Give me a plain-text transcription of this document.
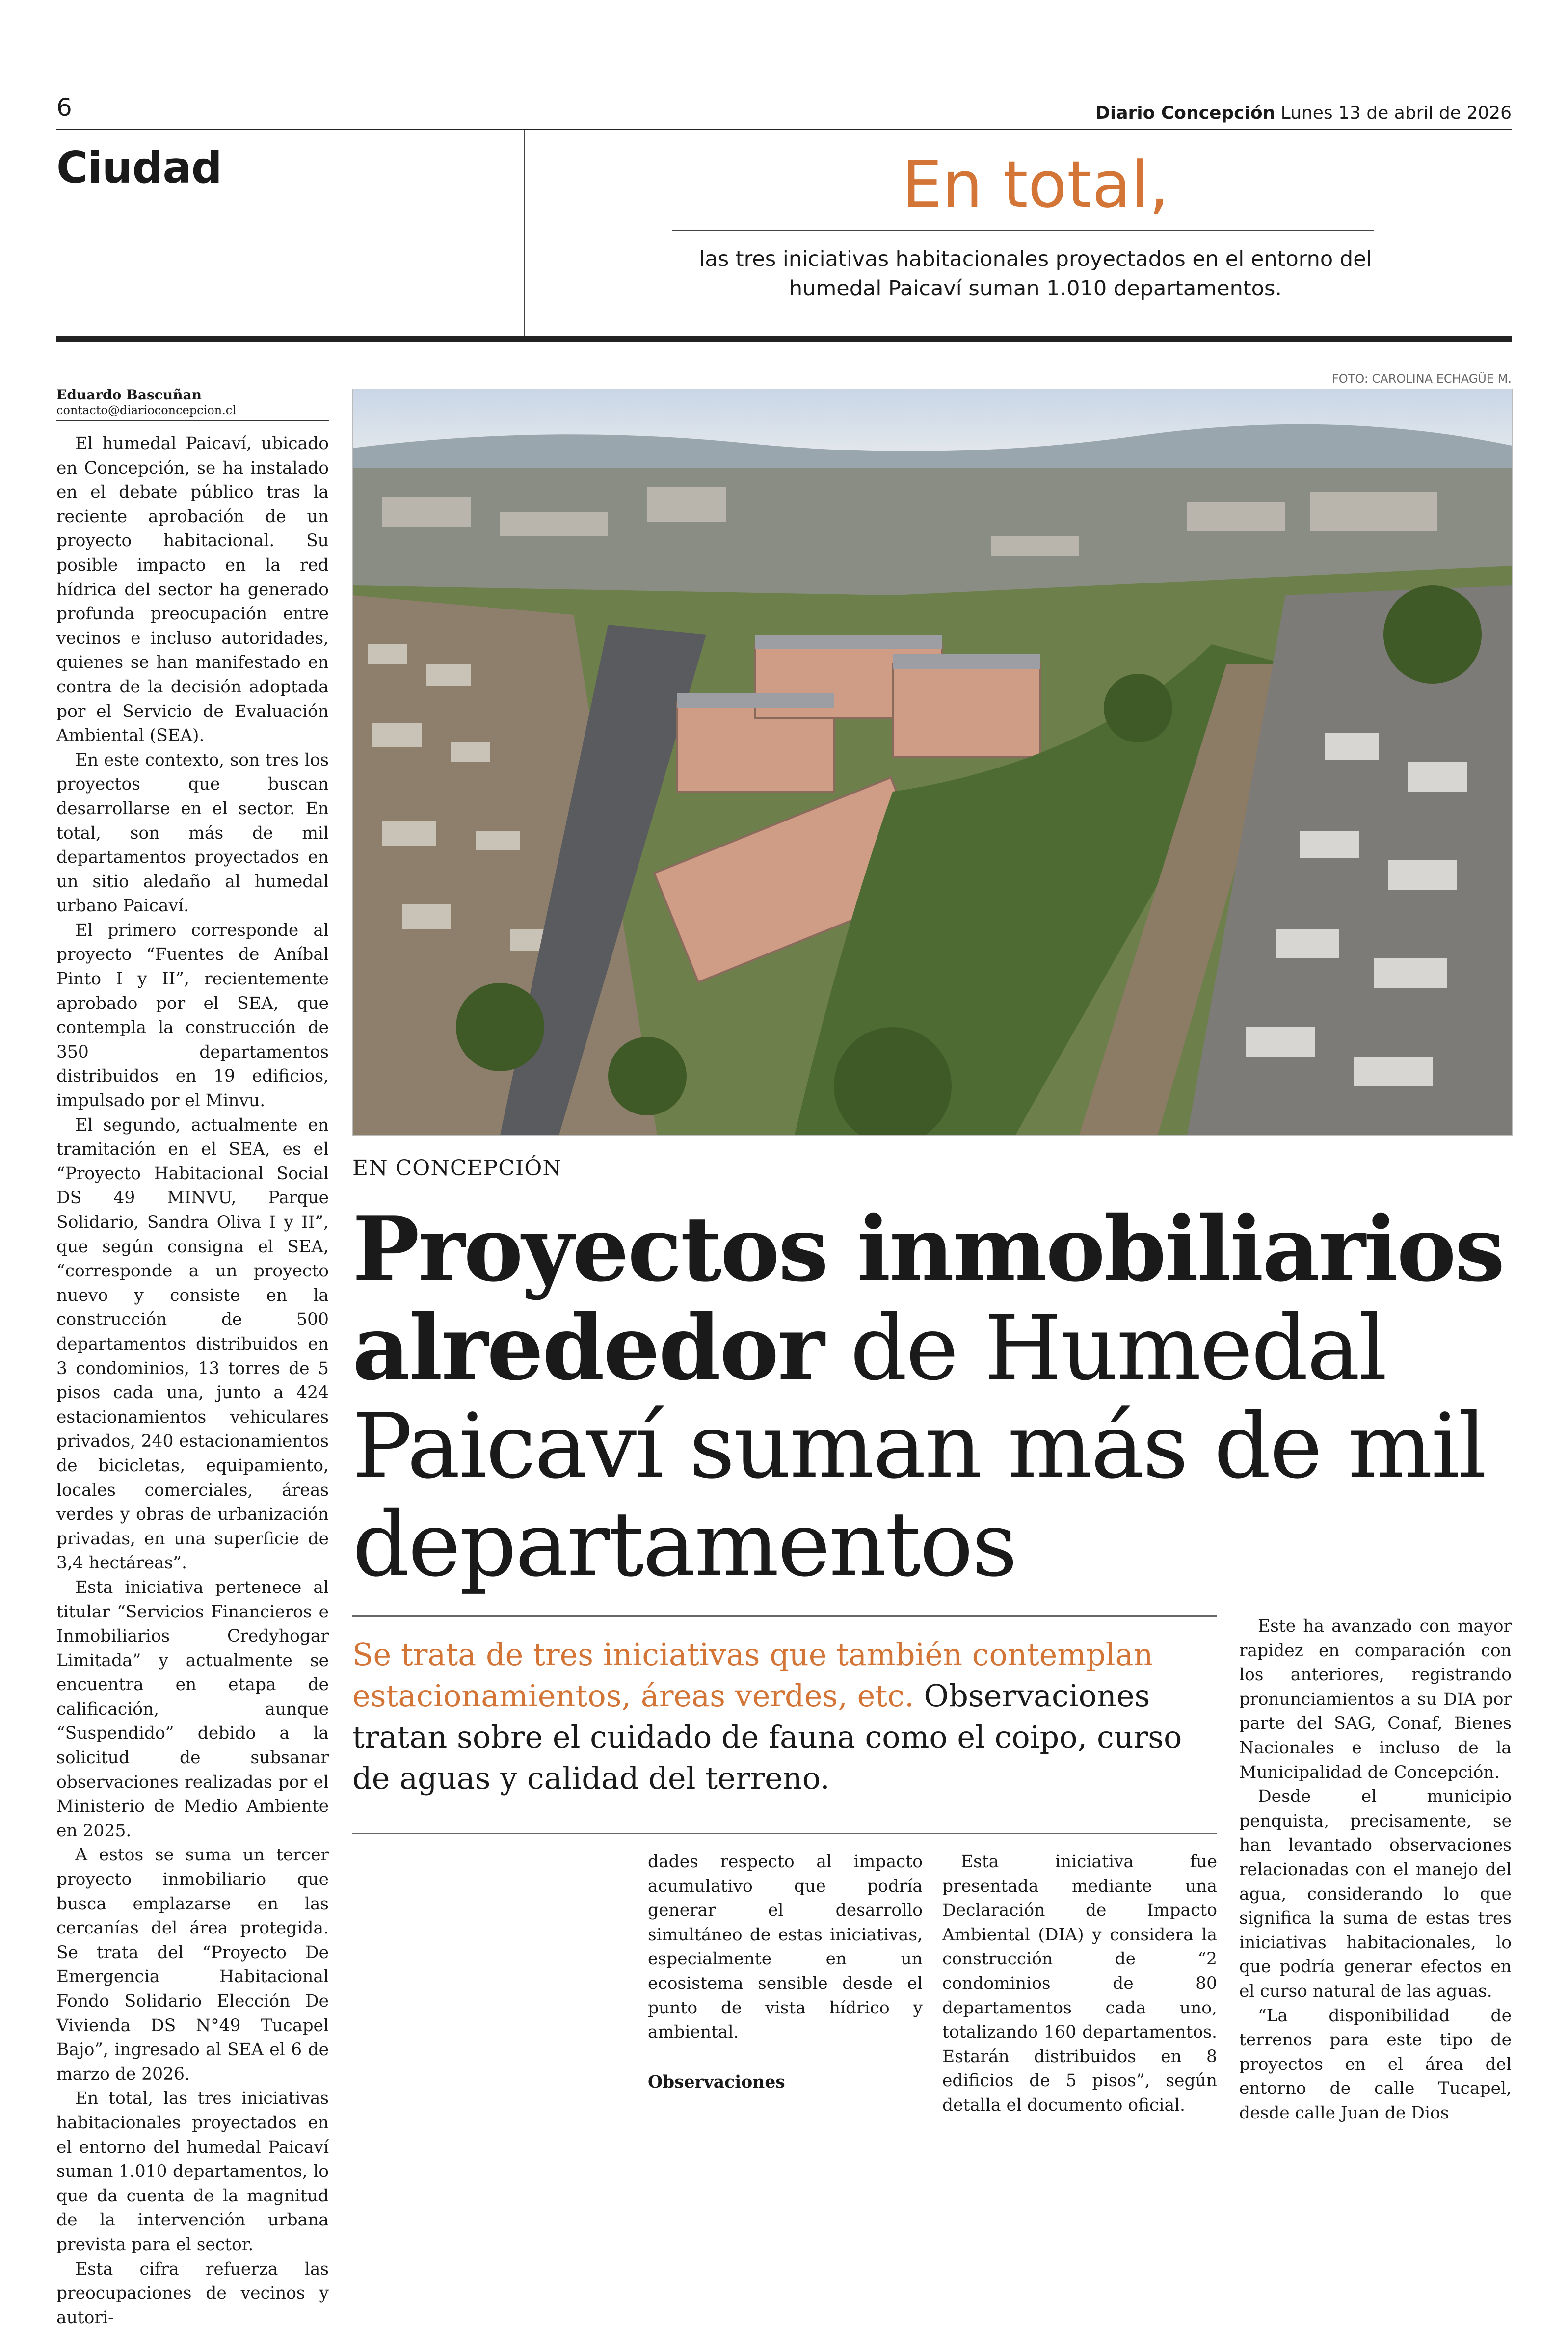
6	Diario Concepción Lunes 13 de abril de 2026
Ciudad	En total,
las tres iniciativas habitacionales proyectados en el entorno del humedal Paicaví suman 1.010 departamentos.
Eduardo Bascuñan
contacto@diarioconcepcion.cl
FOTO: CAROLINA ECHAGÜE M.
EN CONCEPCIÓN
Proyectos inmobiliarios alrededor de Humedal Paicaví suman más de mil departamentos
Se trata de tres iniciativas que también contemplan estacionamientos, áreas verdes, etc. Observaciones tratan sobre el cuidado de fauna como el coipo, curso de aguas y calidad del terreno.

El humedal Paicaví, ubicado en Concepción, se ha instalado en el debate público tras la reciente aprobación de un proyecto habitacional. Su posible impacto en la red hídrica del sector ha generado profunda preocupación entre vecinos e incluso autoridades, quienes se han manifestado en contra de la decisión adoptada por el Servicio de Evaluación Ambiental (SEA).

En este contexto, son tres los proyectos que buscan desarrollarse en el sector. En total, son más de mil departamentos proyectados en un sitio aledaño al humedal urbano Paicaví.

El primero corresponde al proyecto “Fuentes de Aníbal Pinto I y II”, recientemente aprobado por el SEA, que contempla la construcción de 350 departamentos distribuidos en 19 edificios, impulsado por el Minvu.

El segundo, actualmente en tramitación en el SEA, es el “Proyecto Habitacional Social DS 49 MINVU, Parque Solidario, Sandra Oliva I y II”, que según consigna el SEA, “corresponde a un proyecto nuevo y consiste en la construcción de 500 departamentos distribuidos en 3 condominios, 13 torres de 5 pisos cada una, junto a 424 estacionamientos vehiculares privados, 240 estacionamientos de bicicletas, equipamiento, locales comerciales, áreas verdes y obras de urbanización privadas, en una superficie de 3,4 hectáreas”.

Esta iniciativa pertenece al titular “Servicios Financieros e Inmobiliarios Credyhogar Limitada” y actualmente se encuentra en etapa de calificación, aunque “Suspendido” debido a la solicitud de subsanar observaciones realizadas por el Ministerio de Medio Ambiente en 2025.

A estos se suma un tercer proyecto inmobiliario que busca emplazarse en las cercanías del área protegida. Se trata del “Proyecto De Emergencia Habitacional Fondo Solidario Elección De Vivienda DS N°49 Tucapel Bajo”, ingresado al SEA el 6 de marzo de 2026.

En total, las tres iniciativas habitacionales proyectados en el entorno del humedal Paicaví suman 1.010 departamentos, lo que da cuenta de la magnitud de la intervención urbana prevista para el sector.

Esta cifra refuerza las preocupaciones de vecinos y autori-

dades respecto al impacto acumulativo que podría generar el desarrollo simultáneo de estas iniciativas, especialmente en un ecosistema sensible desde el punto de vista hídrico y ambiental.

Observaciones

Esta iniciativa fue presentada mediante una Declaración de Impacto Ambiental (DIA) y considera la construcción de “2 condominios de 80 departamentos cada uno, totalizando 160 departamentos. Estarán distribuidos en 8 edificios de 5 pisos”, según detalla el documento oficial.

Este ha avanzado con mayor rapidez en comparación con los anteriores, registrando pronunciamientos a su DIA por parte del SAG, Conaf, Bienes Nacionales e incluso de la Municipalidad de Concepción.

Desde el municipio penquista, precisamente, se han levantado observaciones relacionadas con el manejo del agua, considerando lo que significa la suma de estas tres iniciativas habitacionales, lo que podría generar efectos en el curso natural de las aguas.

“La disponibilidad de terrenos para este tipo de proyectos en el área del entorno de calle Tucapel, desde calle Juan de Dios
